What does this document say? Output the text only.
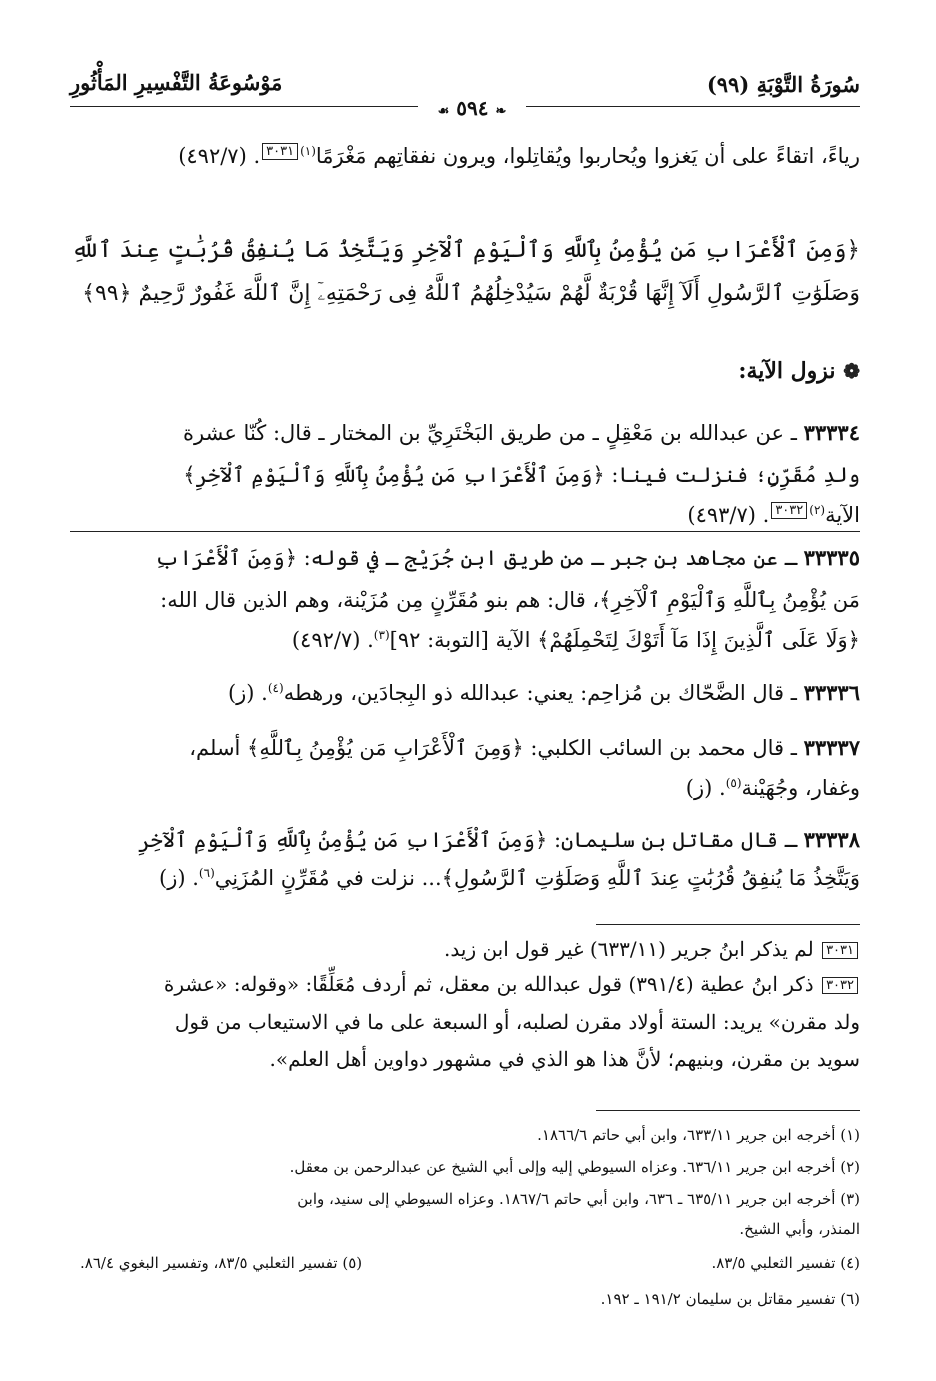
سُورَةُ التَّوْبَةِ (٩٩)
مَوْسُوعَةُ التَّفْسِيرِ المَأْثُورِ
❧ ٥٩٤ ☙
رياءً، اتقاءً على أن يَغزوا ويُحاربوا ويُقاتِلوا، ويرون نفقاتِهم مَغْرَمًا$^{(١)٣٠٣١}$. (٤٩٢/٧)
﴿وَمِنَ ٱلْأَعْرَابِ مَن يُؤْمِنُ بِٱللَّهِ وَٱلْيَوْمِ ٱلْآخِرِ وَيَتَّخِذُ مَا يُنفِقُ قُرُبَٰتٍ عِندَ ٱللَّهِ
وَصَلَوَٰتِ ٱلرَّسُولِ أَلَآ إِنَّهَا قُرْبَةٌ لَّهُمْ سَيُدْخِلُهُمُ ٱللَّهُ فِى رَحْمَتِهِۦٓ إِنَّ ٱللَّهَ غَفُورٌ رَّحِيمٌ ﴿٩٩﴾
❁ نزول الآية:
٣٣٣٣٤ ـ عن عبدالله بن مَعْقِلٍ ـ من طريق البَخْتَرِيِّ بن المختار ـ قال: كُنّا عشرة
ولدِ مُقَرِّنٍ؛ فنزلت فينا: ﴿وَمِنَ ٱلْأَعْرَابِ مَن يُؤْمِنُ بِٱللَّهِ وَٱلْيَوْمِ ٱلْآخِرِ﴾
الآية$^{(٢)٣٠٣٢}$. (٤٩٣/٧)
٣٣٣٣٥ ـ عن مجاهد بن جبر ـ من طريق ابن جُرَيْج ـ في قوله: ﴿وَمِنَ ٱلْأَعْرَابِ
مَن يُؤْمِنُ بِٱللَّهِ وَٱلْيَوْمِ ٱلْآخِرِ﴾، قال: هم بنو مُقَرِّنٍ مِن مُزَيْنة، وهم الذين قال الله:
﴿وَلَا عَلَى ٱلَّذِينَ إِذَا مَآ أَتَوْكَ لِتَحْمِلَهُمْ﴾ الآية [التوبة: ٩٢]$^{(٣)}$. (٤٩٢/٧)
٣٣٣٣٦ ـ قال الضَّحّاك بن مُزاحِم: يعني: عبدالله ذو البِجادَين، ورهطه$^{(٤)}$. (ز)
٣٣٣٣٧ ـ قال محمد بن السائب الكلبي: ﴿وَمِنَ ٱلْأَعْرَابِ مَن يُؤْمِنُ بِٱللَّهِ﴾ أسلم،
وغفار، وجُهَيْنة$^{(٥)}$. (ز)
٣٣٣٣٨ ـ قال مقاتل بن سليمان: ﴿وَمِنَ ٱلْأَعْرَابِ مَن يُؤْمِنُ بِٱللَّهِ وَٱلْيَوْمِ ٱلْآخِرِ
وَيَتَّخِذُ مَا يُنفِقُ قُرُبَٰتٍ عِندَ ٱللَّهِ وَصَلَوَٰتِ ٱلرَّسُولِ﴾... نزلت في مُقَرِّنٍ المُزَنِي$^{(٦)}$. (ز)
٣٠٣١ لم يذكر ابنُ جرير (٦٣٣/١١) غير قول ابن زيد.
٣٠٣٢ ذكر ابنُ عطية (٣٩١/٤) قول عبدالله بن معقل، ثم أردف مُعَلِّقًا: «وقوله: «عشرة
ولد مقرن» يريد: الستة أولاد مقرن لصلبه، أو السبعة على ما في الاستيعاب من قول
سويد بن مقرن، وبنيهم؛ لأنَّ هذا هو الذي في مشهور دواوين أهل العلم».
(١) أخرجه ابن جرير ٦٣٣/١١، وابن أبي حاتم ١٨٦٦/٦.
(٢) أخرجه ابن جرير ٦٣٦/١١. وعزاه السيوطي إليه وإلى أبي الشيخ عن عبدالرحمن بن معقل.
(٣) أخرجه ابن جرير ٦٣٥/١١ ـ ٦٣٦، وابن أبي حاتم ١٨٦٧/٦. وعزاه السيوطي إلى سنيد، وابن
المنذر، وأبي الشيخ.
(٤) تفسير الثعلبي ٨٣/٥.
(٥) تفسير الثعلبي ٨٣/٥، وتفسير البغوي ٨٦/٤.
(٦) تفسير مقاتل بن سليمان ١٩١/٢ ـ ١٩٢.
